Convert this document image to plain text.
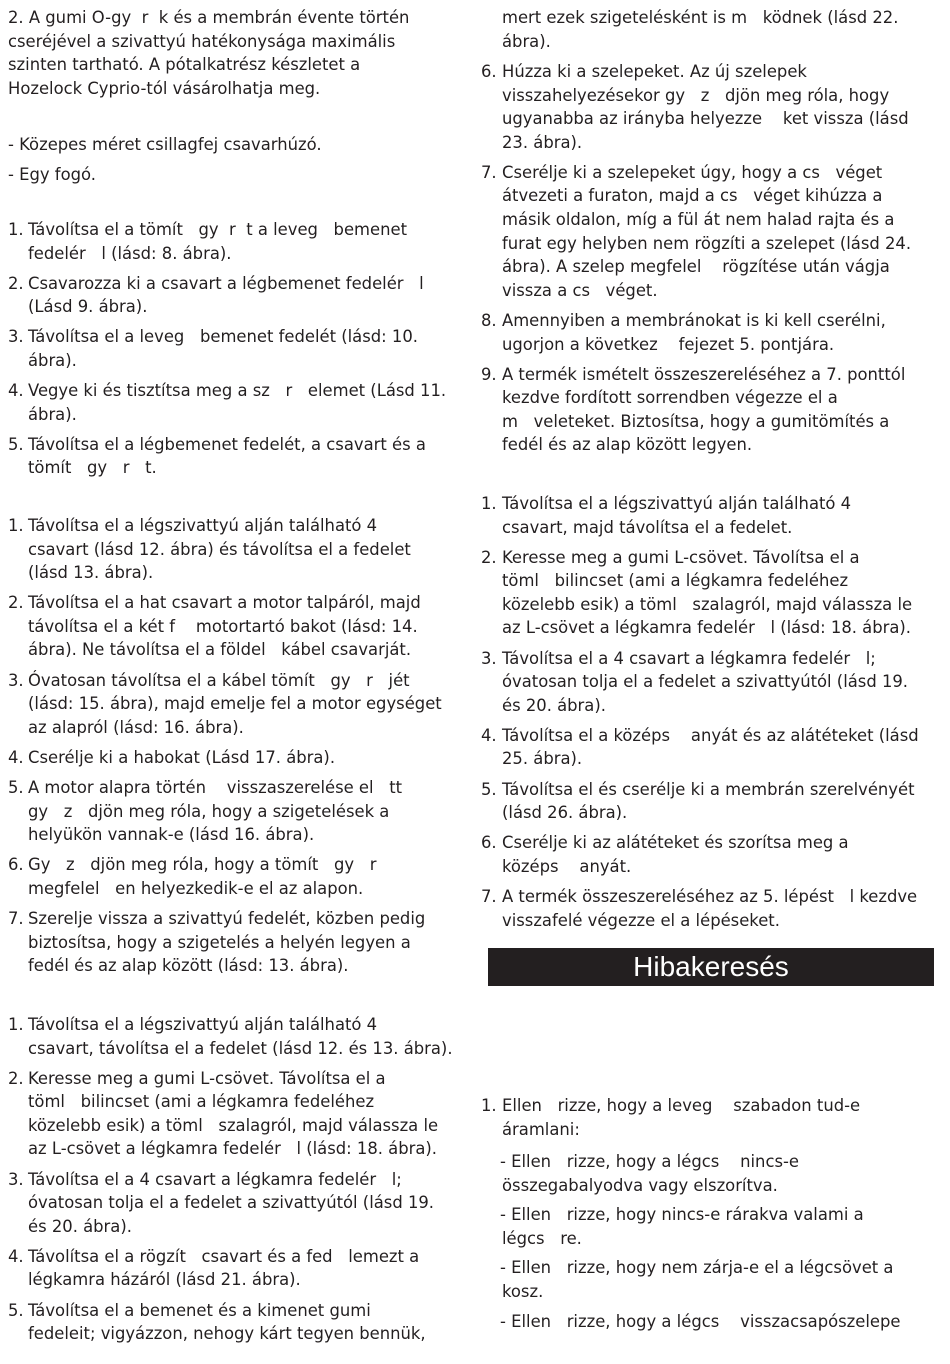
2. A gumi O-gy  r  k és a membrán évente történ
cseréjével a szivattyú hatékonysága maximális
szinten tartható. A pótalkatrész készletet a
Hozelock Cyprio-tól vásárolhatja meg.

- Közepes méret csillagfej csavarhúzó.

- Egy fogó.

1. Távolítsa el a tömít   gy  r  t a leveg   bemenet
fedelér   l (lásd: 8. ábra).
2. Csavarozza ki a csavart a légbemenet fedelér   l
(Lásd 9. ábra).
3. Távolítsa el a leveg   bemenet fedelét (lásd: 10.
ábra).
4. Vegye ki és tisztítsa meg a sz   r   elemet (Lásd 11.
ábra).
5. Távolítsa el a légbemenet fedelét, a csavart és a
tömít   gy   r   t.
1. Távolítsa el a légszivattyú alján található 4
csavart (lásd 12. ábra) és távolítsa el a fedelet
(lásd 13. ábra).
2. Távolítsa el a hat csavart a motor talpáról, majd
távolítsa el a két f    motortartó bakot (lásd: 14.
ábra). Ne távolítsa el a földel   kábel csavarját.
3. Óvatosan távolítsa el a kábel tömít   gy   r   jét
(lásd: 15. ábra), majd emelje fel a motor egységet
az alapról (lásd: 16. ábra).
4. Cserélje ki a habokat (Lásd 17. ábra).
5. A motor alapra történ    visszaszerelése el   tt
gy   z   djön meg róla, hogy a szigetelések a
helyükön vannak-e (lásd 16. ábra).
6. Gy   z   djön meg róla, hogy a tömít   gy   r
megfelel   en helyezkedik-e el az alapon.
7. Szerelje vissza a szivattyú fedelét, közben pedig
biztosítsa, hogy a szigetelés a helyén legyen a
fedél és az alap között (lásd: 13. ábra).
1. Távolítsa el a légszivattyú alján található 4
csavart, távolítsa el a fedelet (lásd 12. és 13. ábra).
2. Keresse meg a gumi L-csövet. Távolítsa el a
töml   bilincset (ami a légkamra fedeléhez
közelebb esik) a töml   szalagról, majd válassza le
az L-csövet a légkamra fedelér   l (lásd: 18. ábra).
3. Távolítsa el a 4 csavart a légkamra fedelér   l;
óvatosan tolja el a fedelet a szivattyútól (lásd 19.
és 20. ábra).
4. Távolítsa el a rögzít   csavart és a fed   lemezt a
légkamra házáról (lásd 21. ábra).
5. Távolítsa el a bemenet és a kimenet gumi
fedeleit; vigyázzon, nehogy kárt tegyen bennük,

mert ezek szigetelésként is m   ködnek (lásd 22.
ábra).

6. Húzza ki a szelepeket. Az új szelepek
visszahelyezésekor gy   z   djön meg róla, hogy
ugyanabba az irányba helyezze    ket vissza (lásd
23. ábra).
7. Cserélje ki a szelepeket úgy, hogy a cs   véget
átvezeti a furaton, majd a cs   véget kihúzza a
másik oldalon, míg a fül át nem halad rajta és a
furat egy helyben nem rögzíti a szelepet (lásd 24.
ábra). A szelep megfelel    rögzítése után vágja
vissza a cs   véget.
8. Amennyiben a membránokat is ki kell cserélni,
ugorjon a következ    fejezet 5. pontjára.
9. A termék ismételt összeszereléséhez a 7. ponttól
kezdve fordított sorrendben végezze el a
m   veleteket. Biztosítsa, hogy a gumitömítés a
fedél és az alap között legyen.
1. Távolítsa el a légszivattyú alján található 4
csavart, majd távolítsa el a fedelet.
2. Keresse meg a gumi L-csövet. Távolítsa el a
töml   bilincset (ami a légkamra fedeléhez
közelebb esik) a töml   szalagról, majd válassza le
az L-csövet a légkamra fedelér   l (lásd: 18. ábra).
3. Távolítsa el a 4 csavart a légkamra fedelér   l;
óvatosan tolja el a fedelet a szivattyútól (lásd 19.
és 20. ábra).
4. Távolítsa el a középs    anyát és az alátéteket (lásd
25. ábra).
5. Távolítsa el és cserélje ki a membrán szerelvényét
(lásd 26. ábra).
6. Cserélje ki az alátéteket és szorítsa meg a
középs    anyát.
7. A termék összeszereléséhez az 5. lépést   l kezdve
visszafelé végezze el a lépéseket.
Hibakeresés
1. Ellen   rizze, hogy a leveg    szabadon tud-e
áramlani:

- Ellen   rizze, hogy a légcs    nincs-e
összegabalyodva vagy elszorítva.

- Ellen   rizze, hogy nincs-e rárakva valami a
légcs   re.

- Ellen   rizze, hogy nem zárja-e el a légcsövet a
kosz.

- Ellen   rizze, hogy a légcs    visszacsapószelepe
